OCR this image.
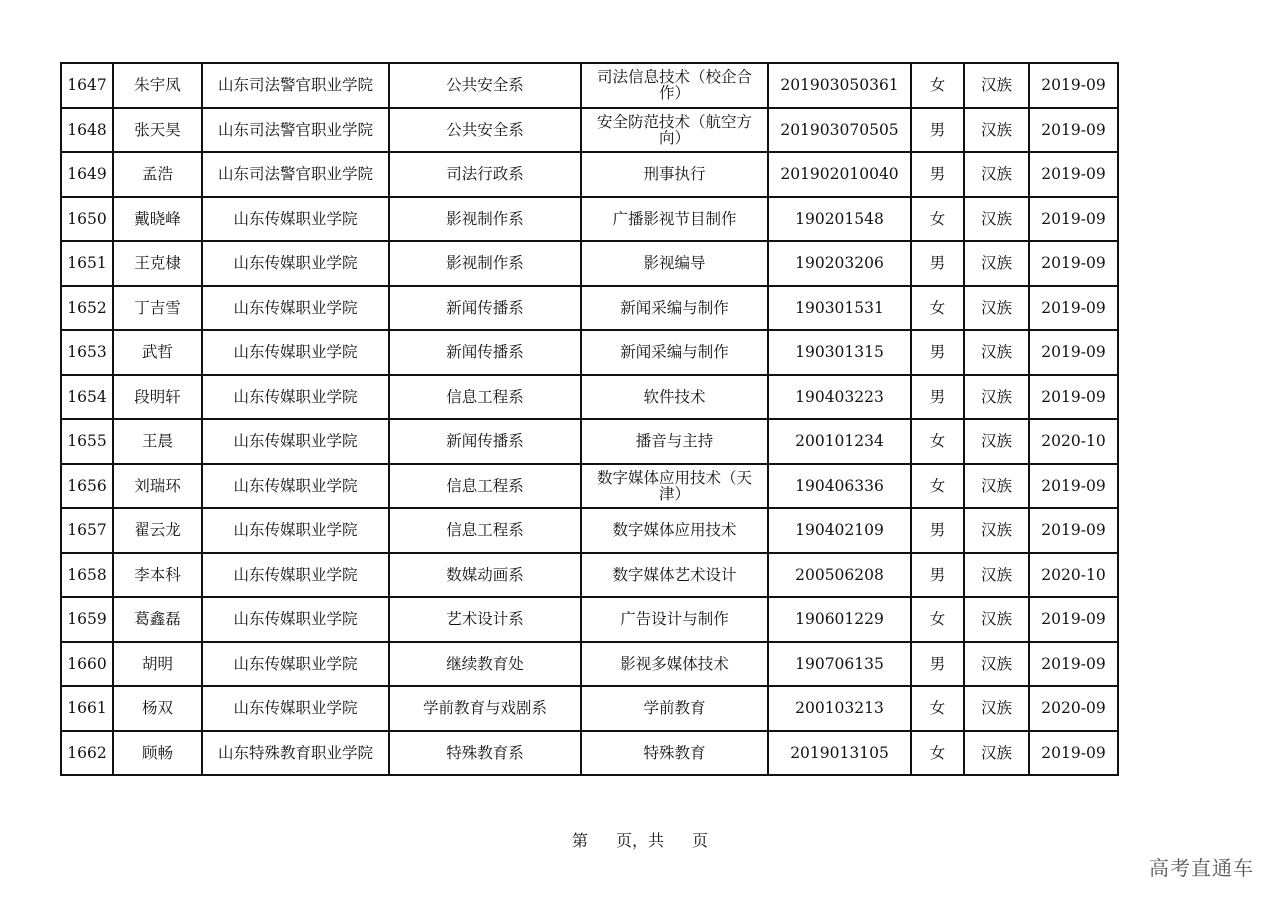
1647	朱宇凤	山东司法警官职业学院	公共安全系	司法信息技术（校企合作）	201903050361	女	汉族	2019-09
1648	张天昊	山东司法警官职业学院	公共安全系	安全防范技术（航空方向）	201903070505	男	汉族	2019-09
1649	孟浩	山东司法警官职业学院	司法行政系	刑事执行	201902010040	男	汉族	2019-09
1650	戴晓峰	山东传媒职业学院	影视制作系	广播影视节目制作	190201548	女	汉族	2019-09
1651	王克棣	山东传媒职业学院	影视制作系	影视编导	190203206	男	汉族	2019-09
1652	丁吉雪	山东传媒职业学院	新闻传播系	新闻采编与制作	190301531	女	汉族	2019-09
1653	武哲	山东传媒职业学院	新闻传播系	新闻采编与制作	190301315	男	汉族	2019-09
1654	段明轩	山东传媒职业学院	信息工程系	软件技术	190403223	男	汉族	2019-09
1655	王晨	山东传媒职业学院	新闻传播系	播音与主持	200101234	女	汉族	2020-10
1656	刘瑞环	山东传媒职业学院	信息工程系	数字媒体应用技术（天津）	190406336	女	汉族	2019-09
1657	翟云龙	山东传媒职业学院	信息工程系	数字媒体应用技术	190402109	男	汉族	2019-09
1658	李本科	山东传媒职业学院	数媒动画系	数字媒体艺术设计	200506208	男	汉族	2020-10
1659	葛鑫磊	山东传媒职业学院	艺术设计系	广告设计与制作	190601229	女	汉族	2019-09
1660	胡明	山东传媒职业学院	继续教育处	影视多媒体技术	190706135	男	汉族	2019-09
1661	杨双	山东传媒职业学院	学前教育与戏剧系	学前教育	200103213	女	汉族	2020-09
1662	顾畅	山东特殊教育职业学院	特殊教育系	特殊教育	2019013105	女	汉族	2019-09
第 页，共 页
高考直通车
